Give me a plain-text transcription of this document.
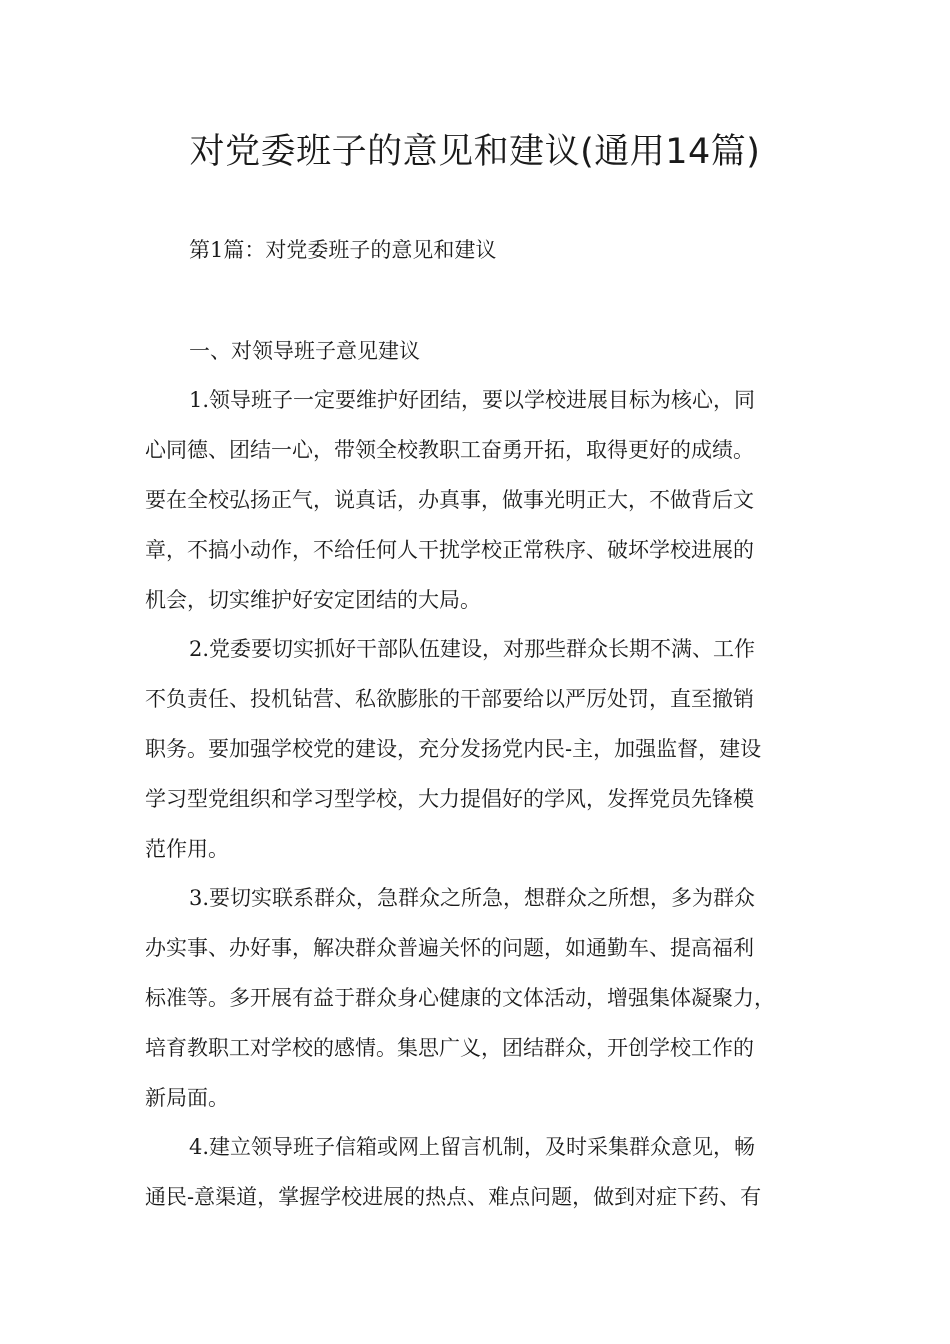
对党委班子的意见和建议(通用14篇)

第1篇：对党委班子的意见和建议

一、对领导班子意见建议

1.领导班子一定要维护好团结，要以学校进展目标为核心，同
心同德、团结一心，带领全校教职工奋勇开拓，取得更好的成绩。
要在全校弘扬正气，说真话，办真事，做事光明正大，不做背后文
章，不搞小动作，不给任何人干扰学校正常秩序、破坏学校进展的
机会，切实维护好安定团结的大局。
2.党委要切实抓好干部队伍建设，对那些群众长期不满、工作
不负责任、投机钻营、私欲膨胀的干部要给以严厉处罚，直至撤销
职务。要加强学校党的建设，充分发扬党内民-主，加强监督，建设
学习型党组织和学习型学校，大力提倡好的学风，发挥党员先锋模
范作用。
3.要切实联系群众，急群众之所急，想群众之所想，多为群众
办实事、办好事，解决群众普遍关怀的问题，如通勤车、提高福利
标准等。多开展有益于群众身心健康的文体活动，增强集体凝聚力，
培育教职工对学校的感情。集思广义，团结群众，开创学校工作的
新局面。
4.建立领导班子信箱或网上留言机制，及时采集群众意见，畅
通民-意渠道，掌握学校进展的热点、难点问题，做到对症下药、有
